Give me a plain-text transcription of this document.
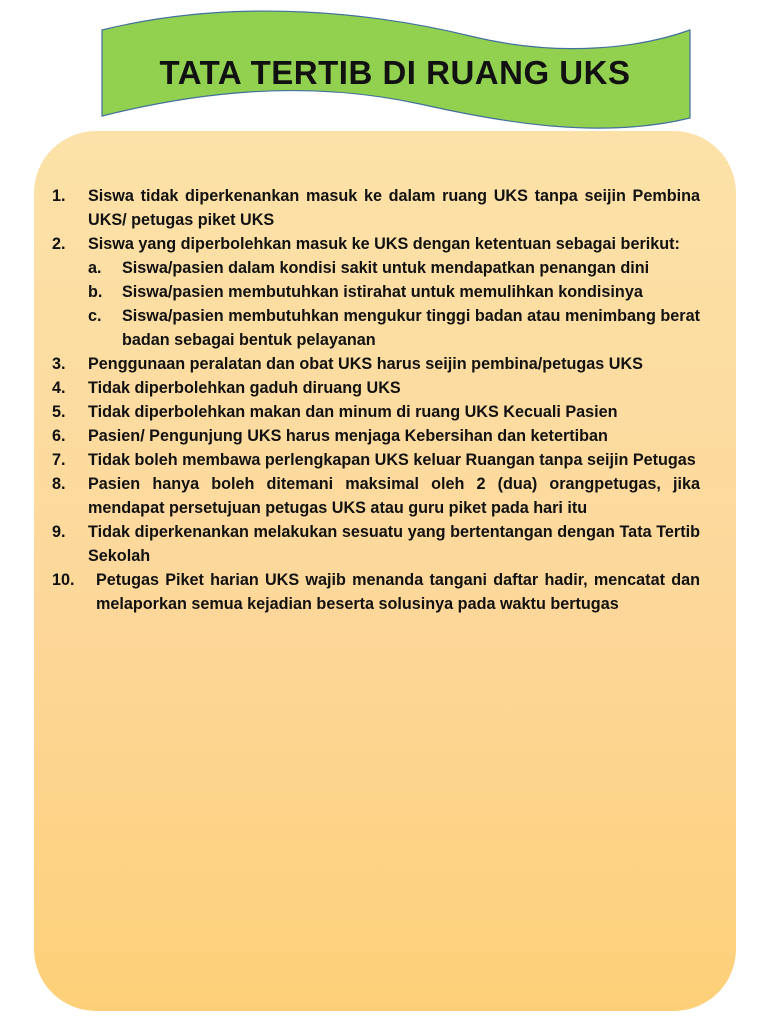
TATA TERTIB DI RUANG UKS
1.	Siswa tidak diperkenankan masuk ke dalam ruang UKS tanpa seijin Pembina UKS/ petugas piket UKS
2.	Siswa yang diperbolehkan masuk ke UKS dengan ketentuan sebagai berikut:
a. Siswa/pasien dalam kondisi sakit untuk mendapatkan penangan dini
b. Siswa/pasien membutuhkan istirahat untuk memulihkan kondisinya
c. Siswa/pasien membutuhkan mengukur tinggi badan atau menimbang berat badan sebagai bentuk pelayanan
3.	Penggunaan peralatan dan obat UKS harus seijin pembina/petugas UKS
4.	Tidak diperbolehkan gaduh diruang UKS
5.	Tidak diperbolehkan makan dan minum di ruang UKS Kecuali Pasien
6.	Pasien/ Pengunjung UKS harus menjaga Kebersihan dan ketertiban
7.	Tidak boleh membawa perlengkapan UKS keluar Ruangan tanpa seijin Petugas
8.	Pasien hanya boleh ditemani maksimal oleh 2 (dua) orangpetugas, jika mendapat persetujuan petugas UKS atau guru piket pada hari itu
9.	Tidak diperkenankan melakukan sesuatu yang bertentangan dengan Tata Tertib Sekolah
10.	Petugas Piket harian UKS wajib menanda tangani daftar hadir, mencatat dan melaporkan semua kejadian beserta solusinya pada waktu bertugas
